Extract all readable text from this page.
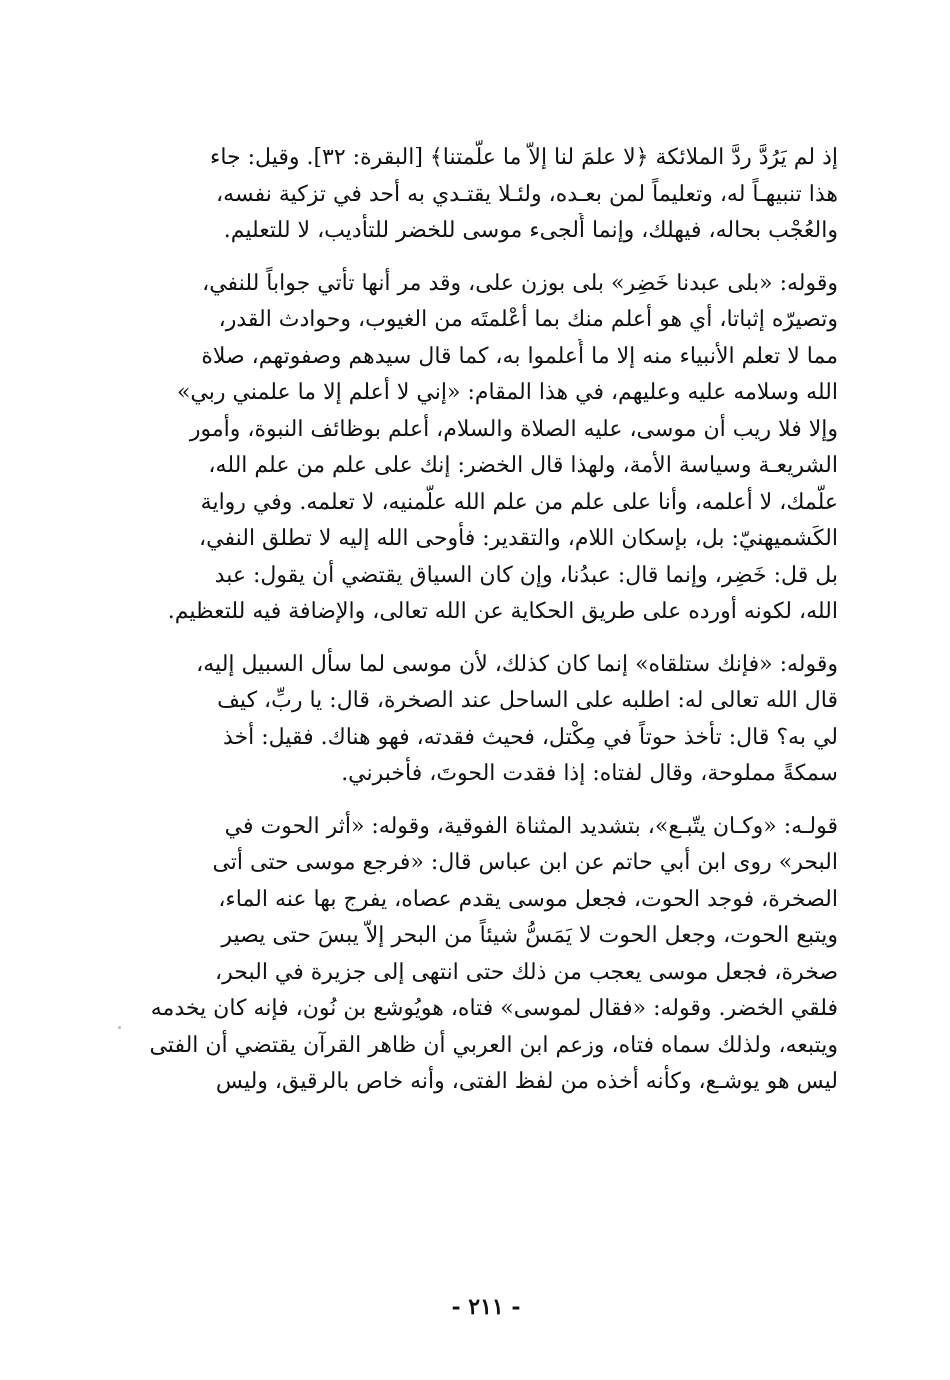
إذ لم يَرُدَّ ردَّ الملائكة ﴿لا علمَ لنا إلاّ ما علّمتنا﴾ [البقرة: ٣٢]. وقيل: جاء
هذا تنبيهـاً له، وتعليماً لمن بعـده، ولئـلا يقتـدي به أحد في تزكية نفسه،
والعُجْب بحاله، فيهلك، وإنما أُلجىء موسى للخضر للتأديب، لا للتعليم.

وقوله: «بلى عبدنا خَضِر» بلى بوزن على، وقد مر أنها تأتي جواباً للنفي،
وتصيرّه إثباتا، أي هو أعلم منك بما أعْلمتَه من الغيوب، وحوادث القدر،
مما لا تعلم الأنبياء منه إلا ما أُعلموا به، كما قال سيدهم وصفوتهم، صلاة
الله وسلامه عليه وعليهم، في هذا المقام: «إني لا أعلم إلا ما علمني ربي»
وإلا فلا ريب أن موسى، عليه الصلاة والسلام، أعلم بوظائف النبوة، وأمور
الشريعـة وسياسة الأمة، ولهذا قال الخضر: إنك على علم من علم الله،
علّمك، لا أعلمه، وأنا على علم من علم الله علّمنيه، لا تعلمه. وفي رواية
الكَشميهنيّ: بل، بإسكان اللام، والتقدير: فأوحى الله إليه لا تطلق النفي،
بل قل: خَضِر، وإنما قال: عبدُنا، وإن كان السياق يقتضي أن يقول: عبد
الله، لكونه أورده على طريق الحكاية عن الله تعالى، والإضافة فيه للتعظيم.

وقوله: «فإنك ستلقاه» إنما كان كذلك، لأن موسى لما سأل السبيل إليه،
قال الله تعالى له: اطلبه على الساحل عند الصخرة، قال: يا ربِّ، كيف
لي به؟ قال: تأخذ حوتاً في مِكْتل، فحيث فقدته، فهو هناك. فقيل: أخذ
سمكةً مملوحة، وقال لفتاه: إذا فقدت الحوتَ، فأخبرني.

قولـه: «وكـان يتّبـع»، بتشديد المثناة الفوقية، وقوله: «أثر الحوت في
البحر» روى ابن أبي حاتم عن ابن عباس قال: «فرجع موسى حتى أتى
الصخرة، فوجد الحوت، فجعل موسى يقدم عصاه، يفرج بها عنه الماء،
ويتبع الحوت، وجعل الحوت لا يَمَسُّ شيئاً من البحر إلاّ يبسَ حتى يصير
صخرة، فجعل موسى يعجب من ذلك حتى انتهى إلى جزيرة في البحر،
فلقي الخضر. وقوله: «فقال لموسى» فتاه، هويُوشع بن نُون، فإنه كان يخدمه
ويتبعه، ولذلك سماه فتاه، وزعم ابن العربي أن ظاهر القرآن يقتضي أن الفتى
ليس هو يوشـع، وكأنه أخذه من لفظ الفتى، وأنه خاص بالرقيق، وليس

- ٢١١ -
